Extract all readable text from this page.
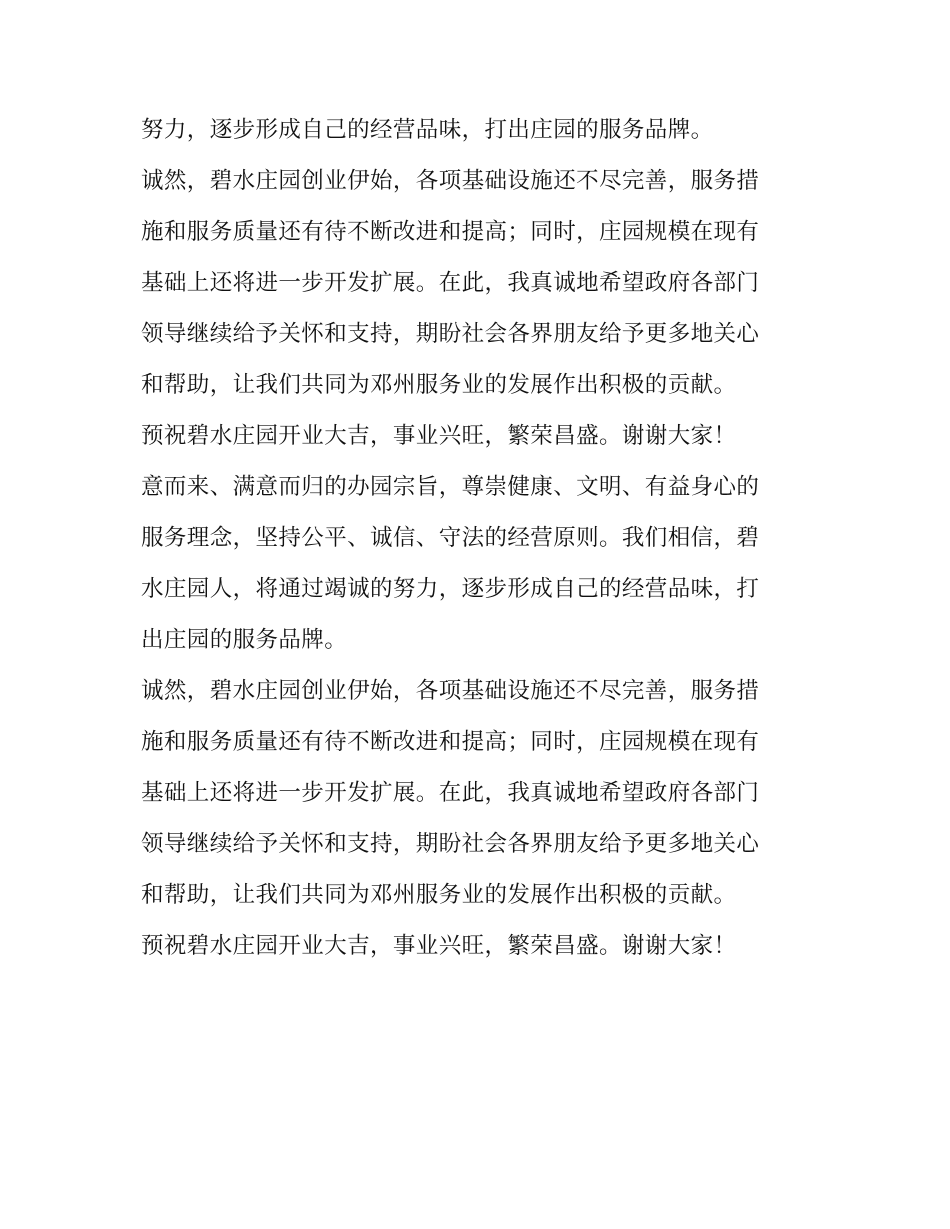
努力，逐步形成自己的经营品味，打出庄园的服务品牌。
诚然，碧水庄园创业伊始，各项基础设施还不尽完善，服务措
施和服务质量还有待不断改进和提高；同时，庄园规模在现有
基础上还将进一步开发扩展。在此，我真诚地希望政府各部门
领导继续给予关怀和支持，期盼社会各界朋友给予更多地关心
和帮助，让我们共同为邓州服务业的发展作出积极的贡献。
预祝碧水庄园开业大吉，事业兴旺，繁荣昌盛。谢谢大家！
意而来、满意而归的办园宗旨，尊崇健康、文明、有益身心的
服务理念，坚持公平、诚信、守法的经营原则。我们相信，碧
水庄园人，将通过竭诚的努力，逐步形成自己的经营品味，打
出庄园的服务品牌。
诚然，碧水庄园创业伊始，各项基础设施还不尽完善，服务措
施和服务质量还有待不断改进和提高；同时，庄园规模在现有
基础上还将进一步开发扩展。在此，我真诚地希望政府各部门
领导继续给予关怀和支持，期盼社会各界朋友给予更多地关心
和帮助，让我们共同为邓州服务业的发展作出积极的贡献。
预祝碧水庄园开业大吉，事业兴旺，繁荣昌盛。谢谢大家！
